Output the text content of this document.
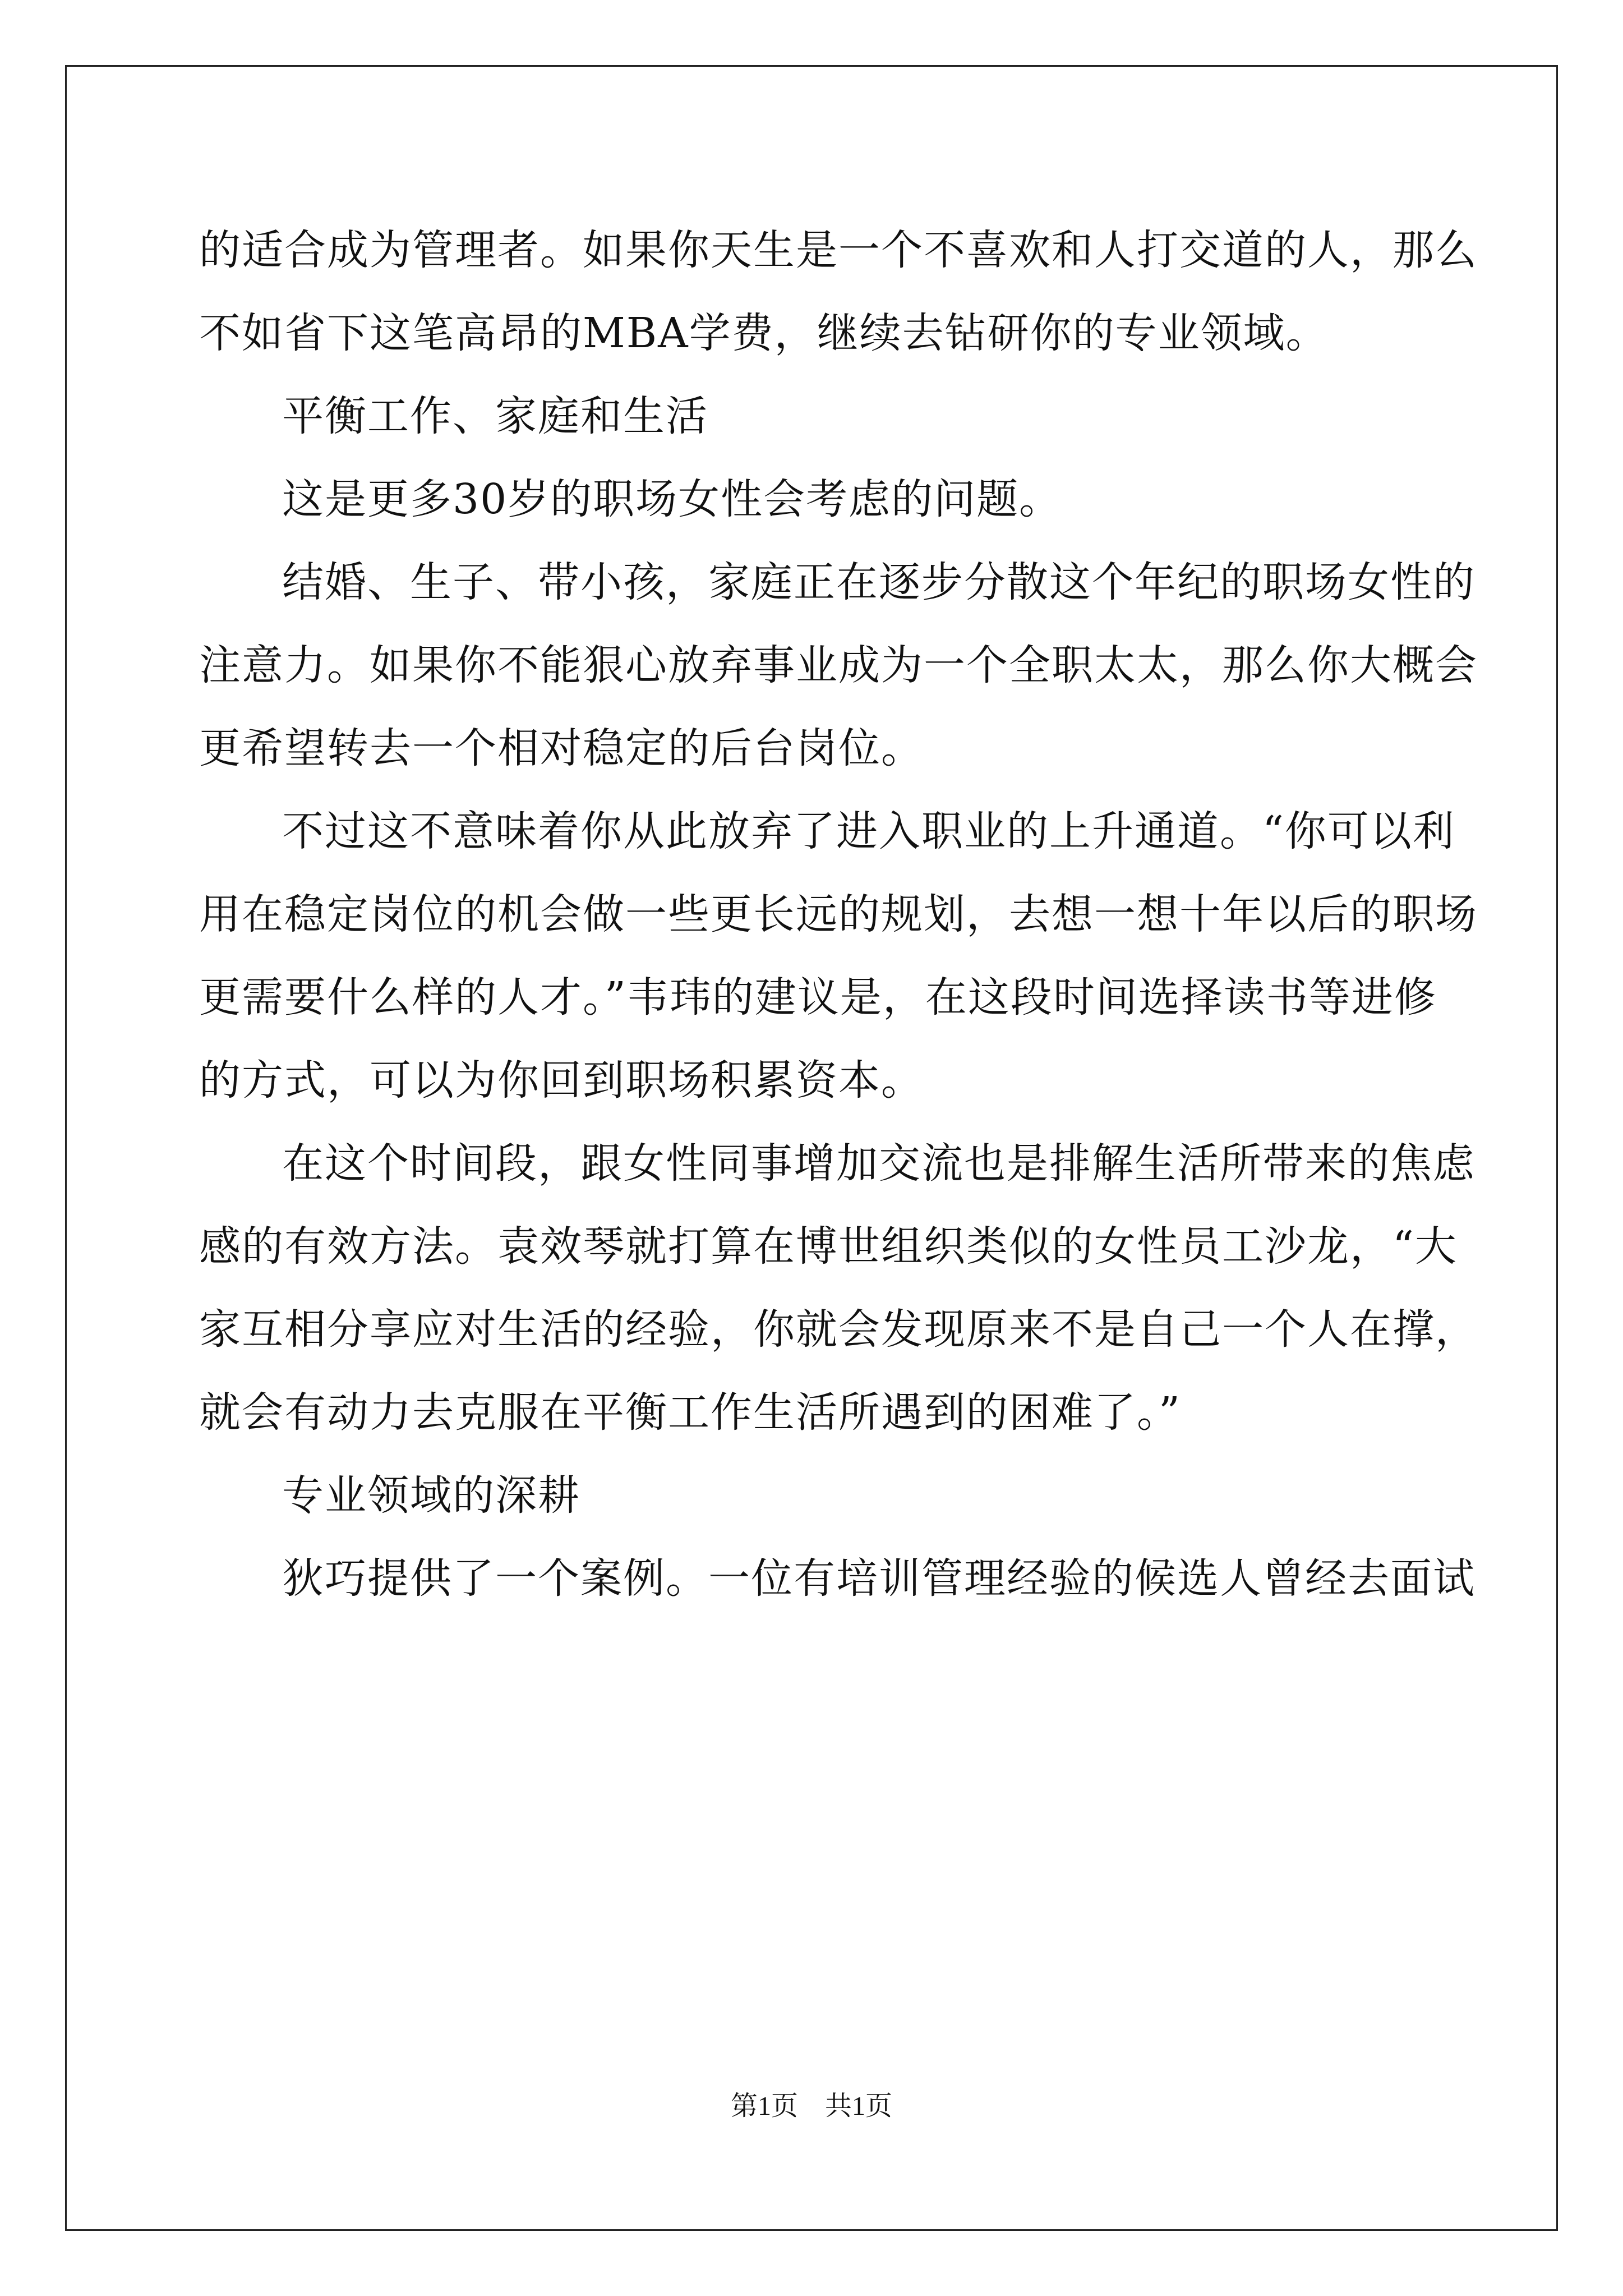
的适合成为管理者。如果你天生是一个不喜欢和人打交道的人，那么
不如省下这笔高昂的MBA学费，继续去钻研你的专业领域。
平衡工作、家庭和生活
这是更多30岁的职场女性会考虑的问题。
结婚、生子、带小孩，家庭正在逐步分散这个年纪的职场女性的
注意力。如果你不能狠心放弃事业成为一个全职太太，那么你大概会
更希望转去一个相对稳定的后台岗位。
不过这不意味着你从此放弃了进入职业的上升通道。“你可以利
用在稳定岗位的机会做一些更长远的规划，去想一想十年以后的职场
更需要什么样的人才。”韦玮的建议是，在这段时间选择读书等进修
的方式，可以为你回到职场积累资本。
在这个时间段，跟女性同事增加交流也是排解生活所带来的焦虑
感的有效方法。袁效琴就打算在博世组织类似的女性员工沙龙，“大
家互相分享应对生活的经验，你就会发现原来不是自己一个人在撑，
就会有动力去克服在平衡工作生活所遇到的困难了。”
专业领域的深耕
狄巧提供了一个案例。一位有培训管理经验的候选人曾经去面试
第1页　共1页
